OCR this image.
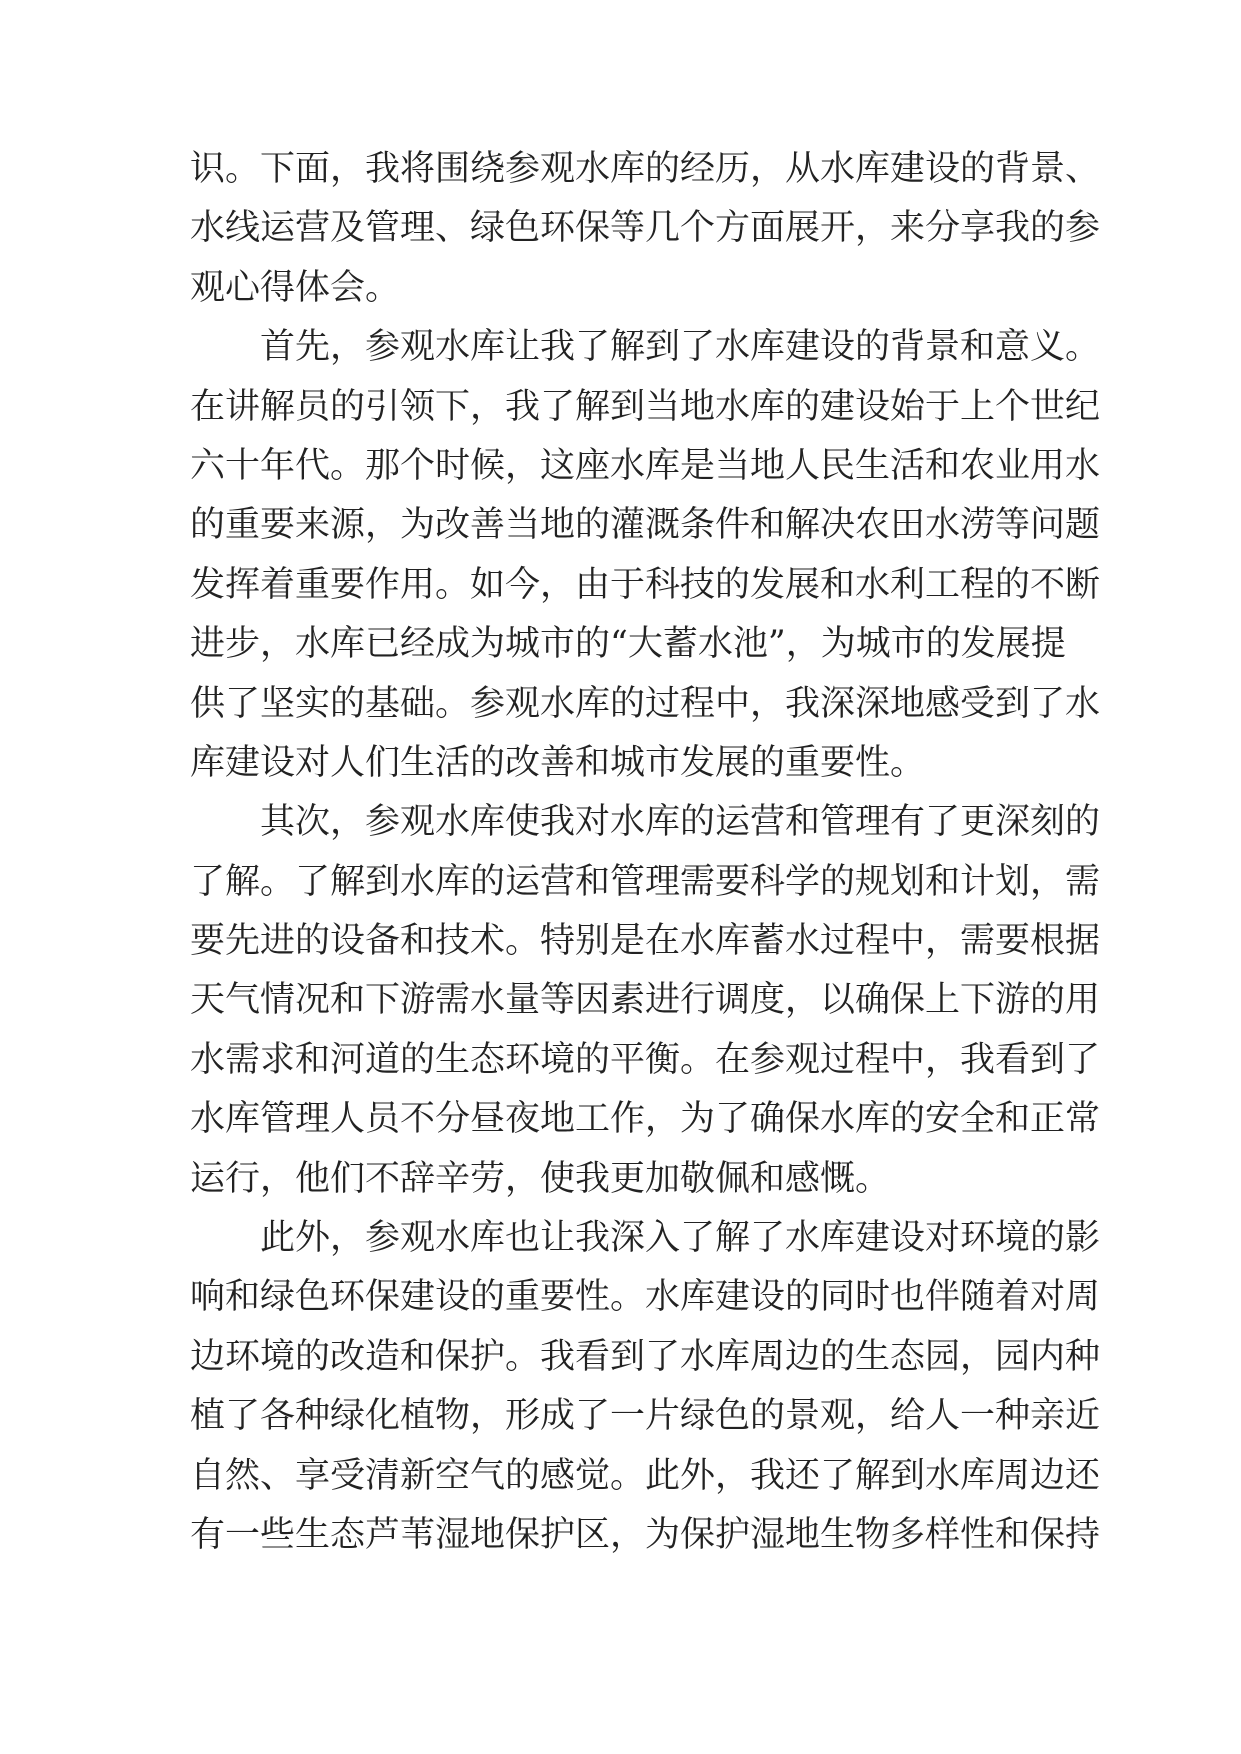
识。下面，我将围绕参观水库的经历，从水库建设的背景、
水线运营及管理、绿色环保等几个方面展开，来分享我的参
观心得体会。
首先，参观水库让我了解到了水库建设的背景和意义。
在讲解员的引领下，我了解到当地水库的建设始于上个世纪
六十年代。那个时候，这座水库是当地人民生活和农业用水
的重要来源，为改善当地的灌溉条件和解决农田水涝等问题
发挥着重要作用。如今，由于科技的发展和水利工程的不断
进步，水库已经成为城市的“大蓄水池”，为城市的发展提
供了坚实的基础。参观水库的过程中，我深深地感受到了水
库建设对人们生活的改善和城市发展的重要性。
其次，参观水库使我对水库的运营和管理有了更深刻的
了解。了解到水库的运营和管理需要科学的规划和计划，需
要先进的设备和技术。特别是在水库蓄水过程中，需要根据
天气情况和下游需水量等因素进行调度，以确保上下游的用
水需求和河道的生态环境的平衡。在参观过程中，我看到了
水库管理人员不分昼夜地工作，为了确保水库的安全和正常
运行，他们不辞辛劳，使我更加敬佩和感慨。
此外，参观水库也让我深入了解了水库建设对环境的影
响和绿色环保建设的重要性。水库建设的同时也伴随着对周
边环境的改造和保护。我看到了水库周边的生态园，园内种
植了各种绿化植物，形成了一片绿色的景观，给人一种亲近
自然、享受清新空气的感觉。此外，我还了解到水库周边还
有一些生态芦苇湿地保护区，为保护湿地生物多样性和保持
